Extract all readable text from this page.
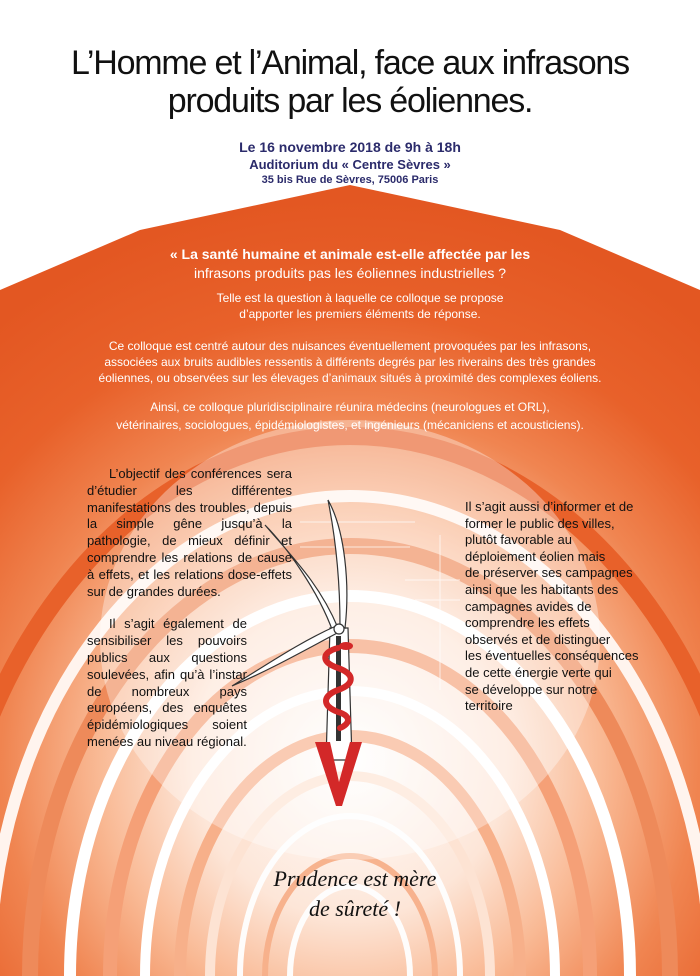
L’Homme et l’Animal, face aux infrasons
produits par les éoliennes.
Le 16 novembre 2018 de 9h à 18h
Auditorium du « Centre Sèvres »
35 bis Rue de Sèvres, 75006 Paris
« La santé humaine et animale est-elle affectée par les
infrasons produits pas les éoliennes industrielles ?
Telle est la question à laquelle ce colloque se propose
d’apporter les premiers éléments de réponse.
Ce colloque est centré autour des nuisances éventuellement provoquées par les infrasons,
associées aux bruits audibles ressentis à différents degrés par les riverains des très grandes
éoliennes, ou observées sur les élevages d’animaux situés à proximité des complexes éoliens.
Ainsi, ce colloque pluridisciplinaire réunira médecins (neurologues et ORL),
vétérinaires, sociologues, épidémiologistes, et ingénieurs (mécaniciens et acousticiens).

L’objectif des conférences sera d’étudier les différentes manifestations des troubles, depuis la simple gêne jusqu’à la pathologie, de mieux définir et comprendre les relations de cause à effets, et les relations dose-effets sur de grandes durées.

Il s’agit également de sensibiliser les pouvoirs publics aux questions soulevées, afin qu’à l’instar de nombreux pays européens, des enquêtes épidémiologiques soient menées au niveau régional.

Il s’agit aussi d’informer et de
former le public des villes,
plutôt favorable au
déploiement éolien mais
de préserver ses campagnes
ainsi que les habitants des
campagnes avides de
comprendre les effets
observés et de distinguer
les éventuelles conséquences
de cette énergie verte qui
se développe sur notre
territoire
Prudence est mère
de sûreté !
